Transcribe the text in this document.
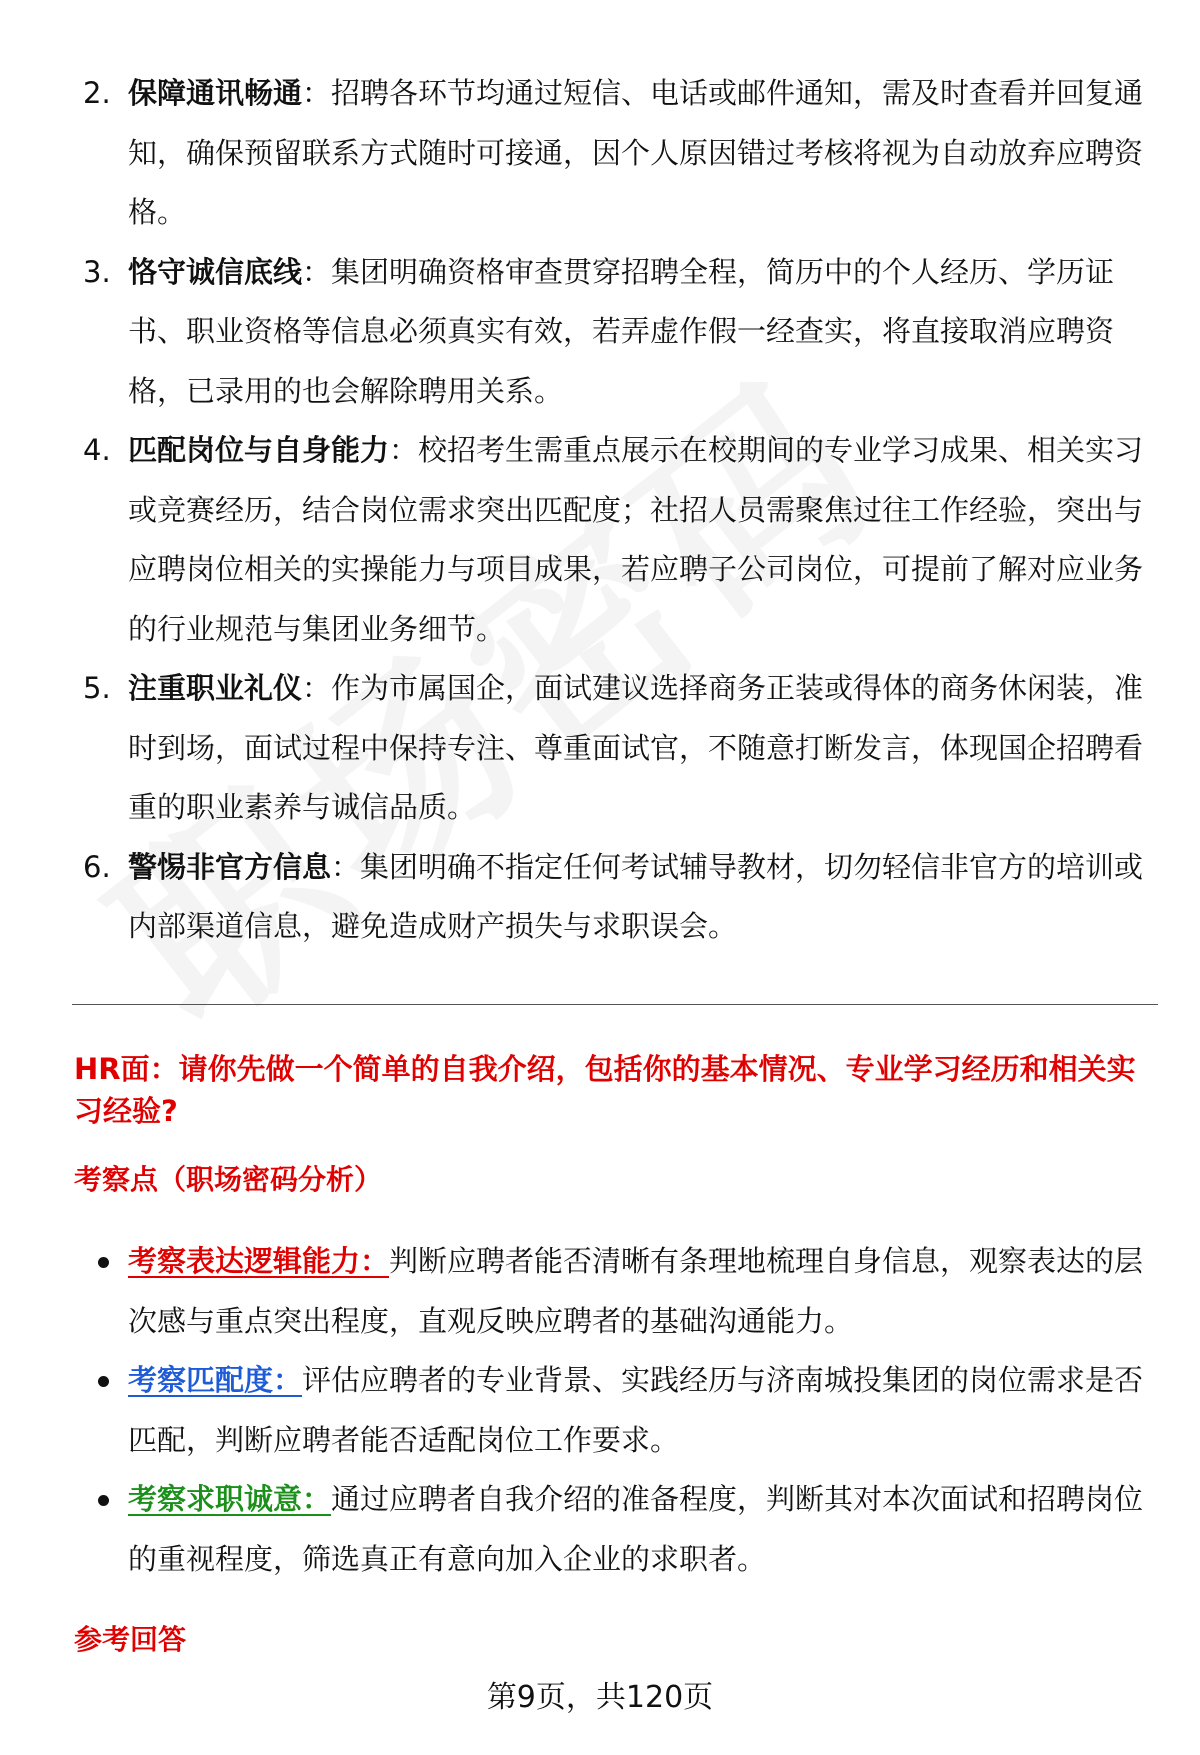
2. 保障通讯畅通：招聘各环节均通过短信、电话或邮件通知，需及时查看并回复通知，确保预留联系方式随时可接通，因个人原因错过考核将视为自动放弃应聘资格。
3. 恪守诚信底线：集团明确资格审查贯穿招聘全程，简历中的个人经历、学历证书、职业资格等信息必须真实有效，若弄虚作假一经查实，将直接取消应聘资格，已录用的也会解除聘用关系。
4. 匹配岗位与自身能力：校招考生需重点展示在校期间的专业学习成果、相关实习或竞赛经历，结合岗位需求突出匹配度；社招人员需聚焦过往工作经验，突出与应聘岗位相关的实操能力与项目成果，若应聘子公司岗位，可提前了解对应业务的行业规范与集团业务细节。
5. 注重职业礼仪：作为市属国企，面试建议选择商务正装或得体的商务休闲装，准时到场，面试过程中保持专注、尊重面试官，不随意打断发言，体现国企招聘看重的职业素养与诚信品质。
6. 警惕非官方信息：集团明确不指定任何考试辅导教材，切勿轻信非官方的培训或内部渠道信息，避免造成财产损失与求职误会。
HR面：请你先做一个简单的自我介绍，包括你的基本情况、专业学习经历和相关实习经验?
考察点（职场密码分析）
考察表达逻辑能力：判断应聘者能否清晰有条理地梳理自身信息，观察表达的层次感与重点突出程度，直观反映应聘者的基础沟通能力。
考察匹配度：评估应聘者的专业背景、实践经历与济南城投集团的岗位需求是否匹配，判断应聘者能否适配岗位工作要求。
考察求职诚意：通过应聘者自我介绍的准备程度，判断其对本次面试和招聘岗位的重视程度，筛选真正有意向加入企业的求职者。
参考回答
第9页，共120页
